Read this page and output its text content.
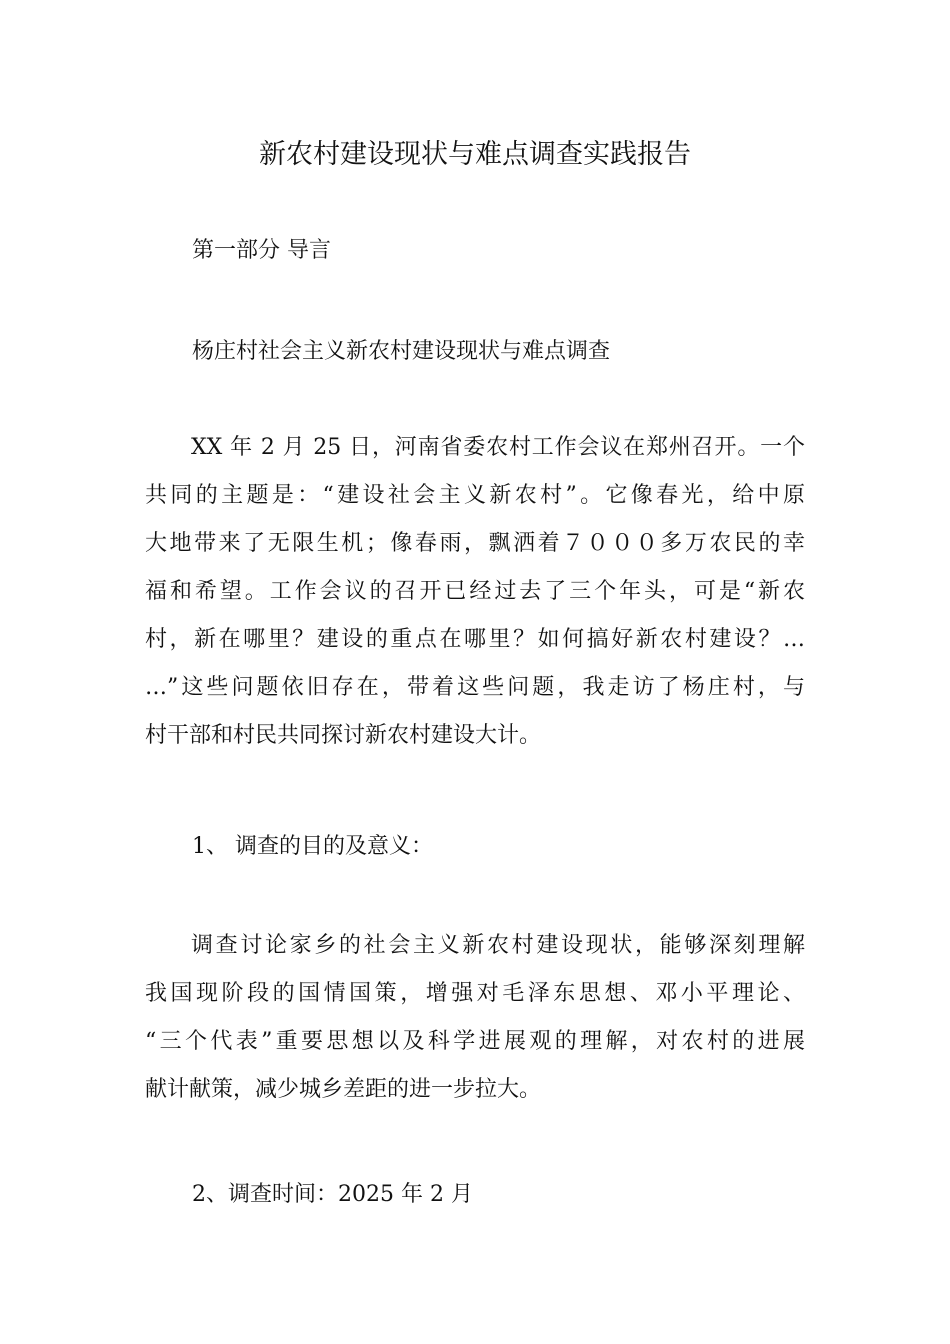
新农村建设现状与难点调查实践报告
第一部分 导言
杨庄村社会主义新农村建设现状与难点调查
XX 年 2 月 25 日，河南省委农村工作会议在郑州召开。一个
共同的主题是：“建设社会主义新农村”。它像春光，给中原
大地带来了无限生机；像春雨，飘洒着７０００多万农民的幸
福和希望。工作会议的召开已经过去了三个年头，可是“新农
村，新在哪里？建设的重点在哪里？如何搞好新农村建设？…
…”这些问题依旧存在，带着这些问题，我走访了杨庄村，与
村干部和村民共同探讨新农村建设大计。
1、 调查的目的及意义：
调查讨论家乡的社会主义新农村建设现状，能够深刻理解
我国现阶段的国情国策，增强对毛泽东思想、邓小平理论、
“三个代表”重要思想以及科学进展观的理解，对农村的进展
献计献策，减少城乡差距的进一步拉大。
2、调查时间：2025 年 2 月
